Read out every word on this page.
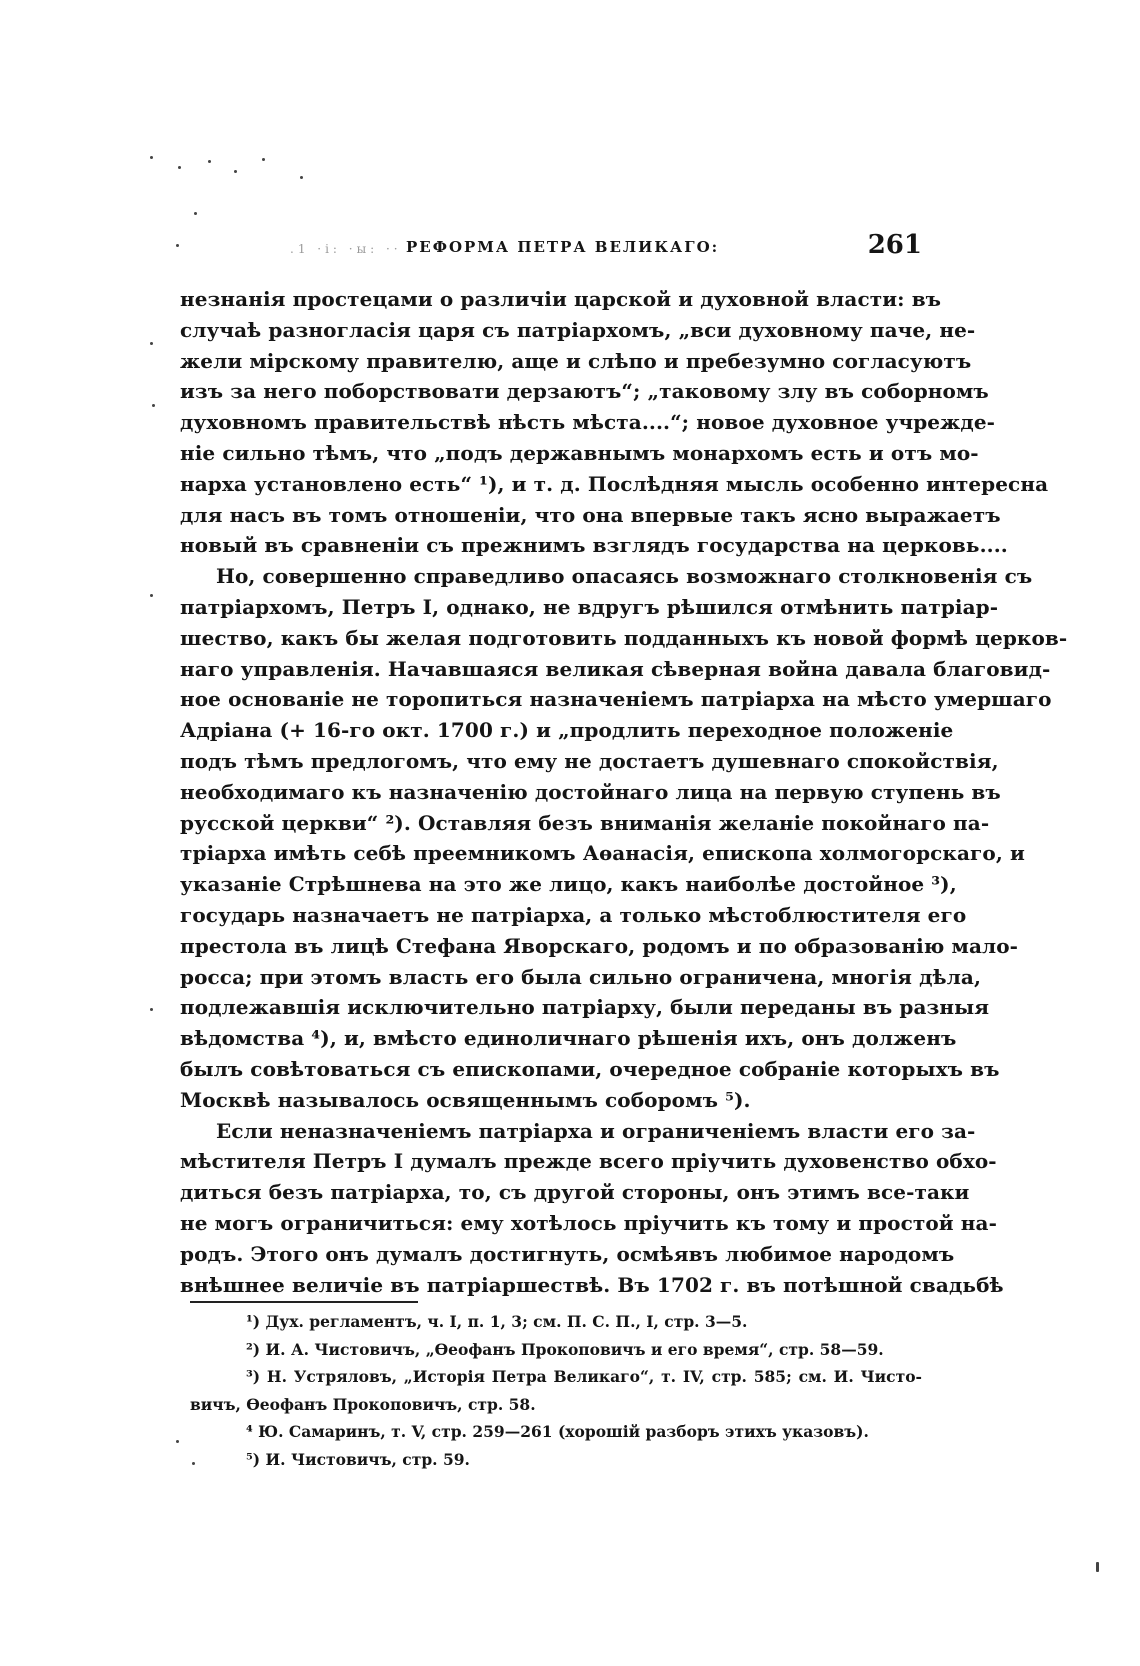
.1 ·і: ·ы: ·· РЕФОРМА ПЕТРА ВЕЛИКАГО:	261
незнанія простецами о различіи царской и духовной власти: въ
случаѣ разногласія царя съ патріархомъ, „вси духовному паче, не-
жели мірскому правителю, аще и слѣпо и пребезумно согласуютъ
изъ за него поборствовати дерзаютъ“; „таковому злу въ соборномъ
духовномъ правительствѣ нѣсть мѣста....“; новое духовное учрежде-
ніе сильно тѣмъ, что „подъ державнымъ монархомъ есть и отъ мо-
нарха установлено есть“ ¹), и т. д. Послѣдняя мысль особенно интересна
для насъ въ томъ отношеніи, что она впервые такъ ясно выражаетъ
новый въ сравненіи съ прежнимъ взглядъ государства на церковь....
Но, совершенно справедливо опасаясь возможнаго столкновенія съ
патріархомъ, Петръ I, однако, не вдругъ рѣшился отмѣнить патріар-
шество, какъ бы желая подготовить подданныхъ къ новой формѣ церков-
наго управленія. Начавшаяся великая сѣверная война давала благовид-
ное основаніе не торопиться назначеніемъ патріарха на мѣсто умершаго
Адріана (+ 16-го окт. 1700 г.) и „продлить переходное положеніе
подъ тѣмъ предлогомъ, что ему не достаетъ душевнаго спокойствія,
необходимаго къ назначенію достойнаго лица на первую ступень въ
русской церкви“ ²). Оставляя безъ вниманія желаніе покойнаго па-
тріарха имѣть себѣ преемникомъ Аѳанасія, епископа холмогорскаго, и
указаніе Стрѣшнева на это же лицо, какъ наиболѣе достойное ³),
государь назначаетъ не патріарха, а только мѣстоблюстителя его
престола въ лицѣ Стефана Яворскаго, родомъ и по образованію мало-
росса; при этомъ власть его была сильно ограничена, многія дѣла,
подлежавшія исключительно патріарху, были переданы въ разныя
вѣдомства ⁴), и, вмѣсто единоличнаго рѣшенія ихъ, онъ долженъ
былъ совѣтоваться съ епископами, очередное собраніе которыхъ въ
Москвѣ называлось освященнымъ соборомъ ⁵).
Если неназначеніемъ патріарха и ограниченіемъ власти его за-
мѣстителя Петръ I думалъ прежде всего пріучить духовенство обхо-
диться безъ патріарха, то, съ другой стороны, онъ этимъ все-таки
не могъ ограничиться: ему хотѣлось пріучить къ тому и простой на-
родъ. Этого онъ думалъ достигнуть, осмѣявъ любимое народомъ
внѣшнее величіе въ патріаршествѣ. Въ 1702 г. въ потѣшной свадьбѣ
¹) Дух. регламентъ, ч. I, п. 1, 3; см. П. С. П., I, стр. 3—5.
²) И. А. Чистовичъ, „Ѳеофанъ Прокоповичъ и его время“, стр. 58—59.
³) Н. Устряловъ, „Исторія Петра Великаго“, т. IV, стр. 585; см. И. Чисто-
вичъ, Ѳеофанъ Прокоповичъ, стр. 58.
⁴ Ю. Самаринъ, т. V, стр. 259—261 (хорошій разборъ этихъ указовъ).
⁵) И. Чистовичъ, стр. 59.
